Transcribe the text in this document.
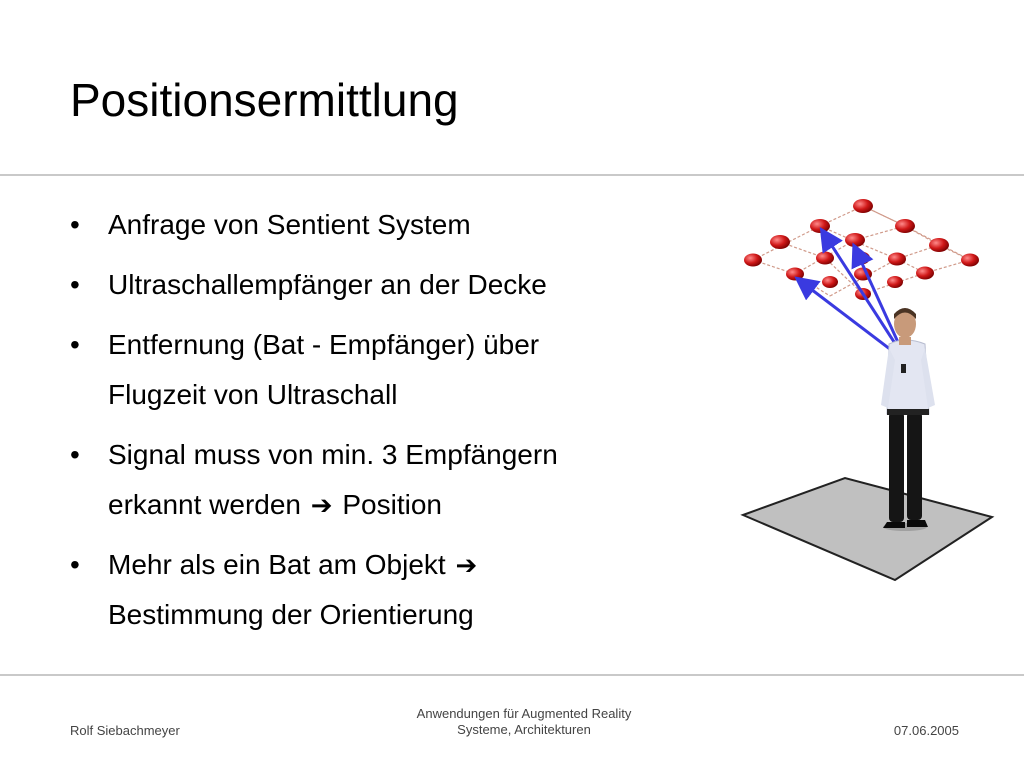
Positionsermittlung
• Anfrage von Sentient System
• Ultraschallempfänger an der Decke
• Entfernung (Bat - Empfänger) über
Flugzeit von Ultraschall
• Signal muss von min. 3 Empfängern
erkannt werden ➔ Position
• Mehr als ein Bat am Objekt ➔
Bestimmung der Orientierung
Rolf Siebachmeyer
Anwendungen für Augmented Reality
Systeme, Architekturen	07.06.2005
